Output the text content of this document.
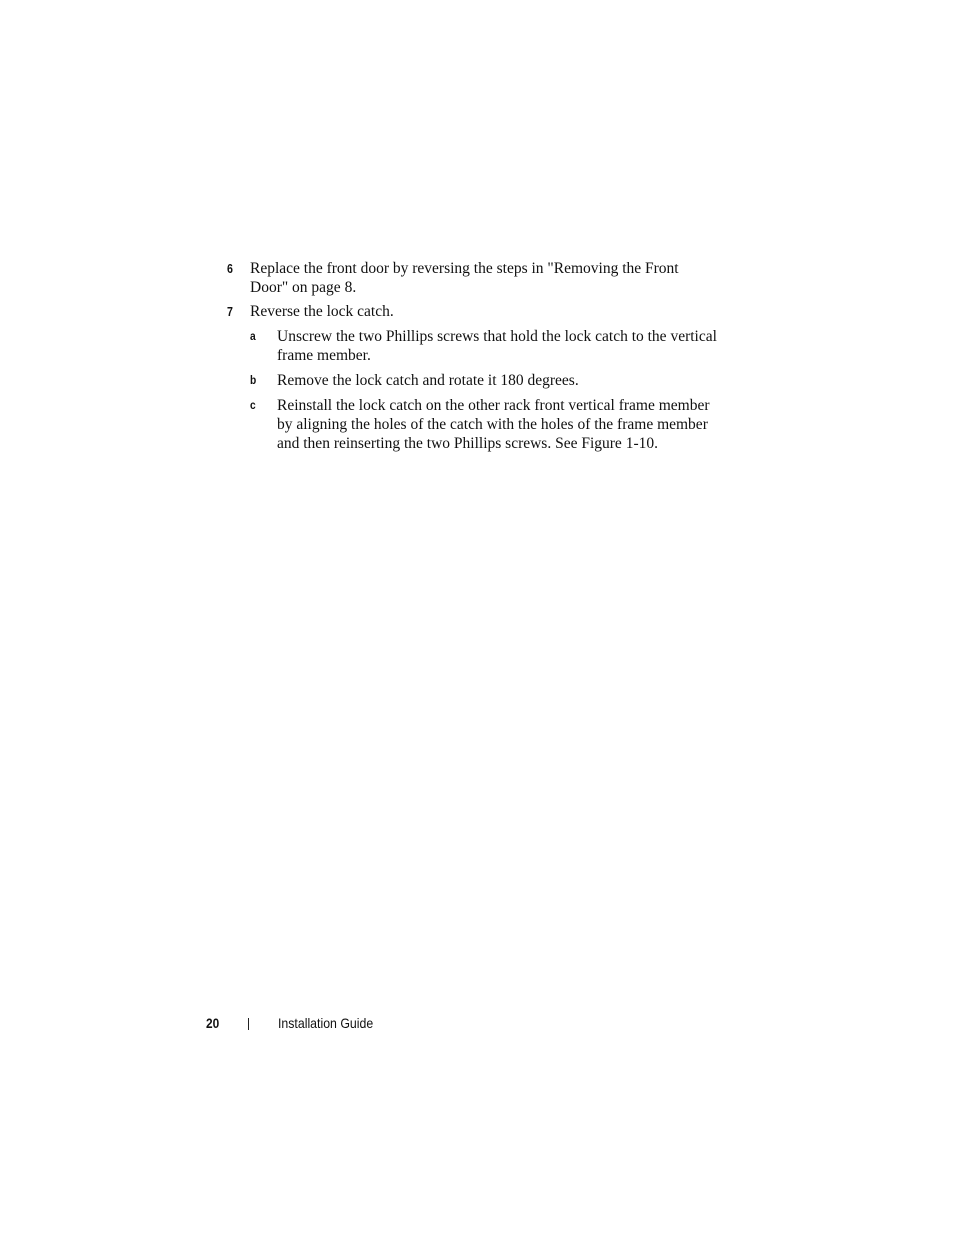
6 Replace the front door by reversing the steps in "Removing the Front Door" on page 8.
7 Reverse the lock catch.
a Unscrew the two Phillips screws that hold the lock catch to the vertical frame member.
b Remove the lock catch and rotate it 180 degrees.
c Reinstall the lock catch on the other rack front vertical frame member by aligning the holes of the catch with the holes of the frame member and then reinserting the two Phillips screws. See Figure 1-10.
20	Installation Guide
